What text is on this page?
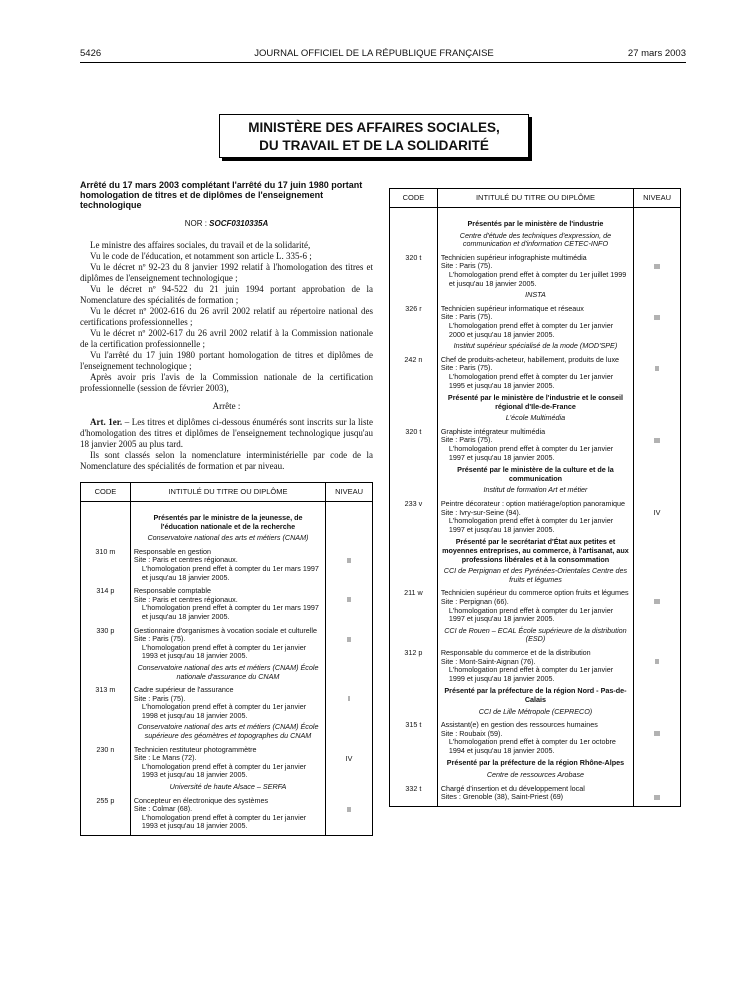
5426	JOURNAL OFFICIEL DE LA RÉPUBLIQUE FRANÇAISE	27 mars 2003
MINISTÈRE DES AFFAIRES SOCIALES,
DU TRAVAIL ET DE LA SOLIDARITÉ

Arrêté du 17 mars 2003 complétant l'arrêté du 17 juin 1980 portant homologation de titres et de diplômes de l'enseignement technologique

NOR : SOCF0310335A

Le ministre des affaires sociales, du travail et de la solidarité,

Vu le code de l'éducation, et notamment son article L. 335-6 ;

Vu le décret nº 92-23 du 8 janvier 1992 relatif à l'homologation des titres et diplômes de l'enseignement technologique ;

Vu le décret nº 94-522 du 21 juin 1994 portant approbation de la Nomenclature des spécialités de formation ;

Vu le décret nº 2002-616 du 26 avril 2002 relatif au répertoire national des certifications professionnelles ;

Vu le décret nº 2002-617 du 26 avril 2002 relatif à la Commission nationale de la certification professionnelle ;

Vu l'arrêté du 17 juin 1980 portant homologation de titres et diplômes de l'enseignement technologique ;

Après avoir pris l'avis de la Commission nationale de la certification professionnelle (session de février 2003),

Arrête :

Art. 1er. – Les titres et diplômes ci-dessous énumérés sont inscrits sur la liste d'homologation des titres et diplômes de l'enseignement technologique jusqu'au 18 janvier 2005 au plus tard.

Ils sont classés selon la nomenclature interministérielle par code de la Nomenclature des spécialités de formation et par niveau.

CODE	INTITULÉ DU TITRE OU DIPLÔME	NIVEAU

	Présentés par le ministre de la jeunesse, de l'éducation nationale et de la recherche	

	Conservatoire national des arts et métiers (CNAM)	

310 m	Responsable en gestion
Site : Paris et centres régionaux.
L'homologation prend effet à compter du 1er mars 1997 et jusqu'au 18 janvier 2005.	II

314 p	Responsable comptable
Site : Paris et centres régionaux.
L'homologation prend effet à compter du 1er mars 1997 et jusqu'au 18 janvier 2005.	II

330 p	Gestionnaire d'organismes à vocation sociale et culturelle
Site : Paris (75).
L'homologation prend effet à compter du 1er janvier 1993 et jusqu'au 18 janvier 2005.	II

	Conservatoire national des arts et métiers (CNAM) École nationale d'assurance du CNAM	

313 m	Cadre supérieur de l'assurance
Site : Paris (75).
L'homologation prend effet à compter du 1er janvier 1998 et jusqu'au 18 janvier 2005.	I

	Conservatoire national des arts et métiers (CNAM) École supérieure des géomètres et topographes du CNAM	

230 n	Technicien restituteur photogrammètre
Site : Le Mans (72).
L'homologation prend effet à compter du 1er janvier 1993 et jusqu'au 18 janvier 2005.	IV

	Université de haute Alsace – SERFA	

255 p	Concepteur en électronique des systèmes
Site : Colmar (68).
L'homologation prend effet à compter du 1er janvier 1993 et jusqu'au 18 janvier 2005.	II

CODE	INTITULÉ DU TITRE OU DIPLÔME	NIVEAU

	Présentés par le ministère de l'industrie	

	Centre d'étude des techniques d'expression, de communication et d'information CETEC-INFO	

320 t	Technicien supérieur infographiste multimédia
Site : Paris (75).
L'homologation prend effet à compter du 1er juillet 1999 et jusqu'au 18 janvier 2005.	III

	INSTA	

326 r	Technicien supérieur informatique et réseaux
Site : Paris (75).
L'homologation prend effet à compter du 1er janvier 2000 et jusqu'au 18 janvier 2005.	III

	Institut supérieur spécialisé de la mode (MOD'SPE)	

242 n	Chef de produits-acheteur, habillement, produits de luxe
Site : Paris (75).
L'homologation prend effet à compter du 1er janvier 1995 et jusqu'au 18 janvier 2005.	II

	Présenté par le ministère de l'industrie et le conseil régional d'Ile-de-France	

	L'école Multimédia	

320 t	Graphiste intégrateur multimédia
Site : Paris (75).
L'homologation prend effet à compter du 1er janvier 1997 et jusqu'au 18 janvier 2005.	III

	Présenté par le ministère de la culture et de la communication	

	Institut de formation Art et métier	

233 v	Peintre décorateur : option matiérage/option panoramique
Site : Ivry-sur-Seine (94).
L'homologation prend effet à compter du 1er janvier 1997 et jusqu'au 18 janvier 2005.	IV

	Présenté par le secrétariat d'État aux petites et moyennes entreprises, au commerce, à l'artisanat, aux professions libérales et à la consommation	

	CCI de Perpignan et des Pyrénées-Orientales Centre des fruits et légumes	

211 w	Technicien supérieur du commerce option fruits et légumes
Site : Perpignan (66).
L'homologation prend effet à compter du 1er janvier 1997 et jusqu'au 18 janvier 2005.	III

	CCI de Rouen – ECAL École supérieure de la distribution (ESD)	

312 p	Responsable du commerce et de la distribution
Site : Mont-Saint-Aignan (76).
L'homologation prend effet à compter du 1er janvier 1999 et jusqu'au 18 janvier 2005.	II

	Présenté par la préfecture de la région Nord - Pas-de-Calais	

	CCI de Lille Métropole (CEPRECO)	

315 t	Assistant(e) en gestion des ressources humaines
Site : Roubaix (59).
L'homologation prend effet à compter du 1er octobre 1994 et jusqu'au 18 janvier 2005.	III

	Présenté par la préfecture de la région Rhône-Alpes	

	Centre de ressources Arobase	

332 t	Chargé d'insertion et du développement local
Sites : Grenoble (38), Saint-Priest (69)	III
